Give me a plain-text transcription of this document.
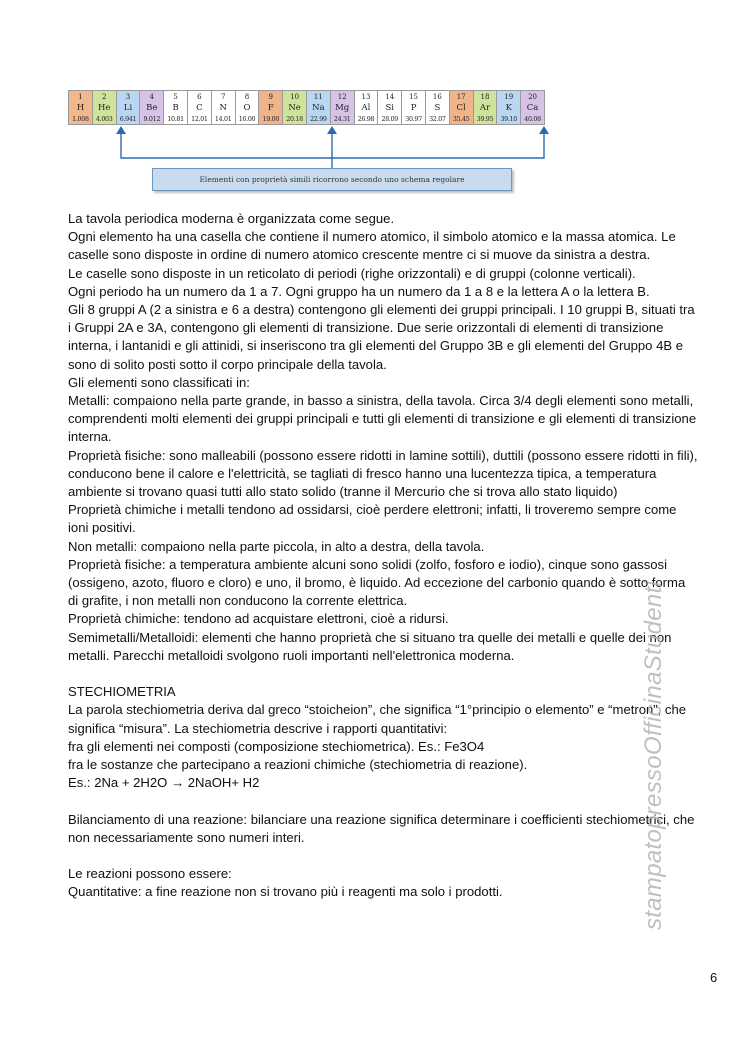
1
H
1.008
2
He
4.003
3
Li
6.941
4
Be
9.012
5
B
10.81
6
C
12.01
7
N
14.01
8
O
16.00
9
F
19.00
10
Ne
20.18
11
Na
22.99
12
Mg
24.31
13
Al
26.98
14
Si
28.09
15
P
30.97
16
S
32.07
17
Cl
35.45
18
Ar
39.95
19
K
39.10
20
Ca
40.08
Elementi con proprietà simili ricorrono secondo uno schema regolare

La tavola periodica moderna è organizzata come segue.

Ogni elemento ha una casella che contiene il numero atomico, il simbolo atomico e la massa atomica. Le caselle sono disposte in ordine di numero atomico crescente mentre ci si muove da sinistra a destra.

Le caselle sono disposte in un reticolato di periodi (righe orizzontali) e di gruppi (colonne verticali).

Ogni periodo ha un numero da 1 a 7. Ogni gruppo ha un numero da 1 a 8 e la lettera A o la lettera B.

Gli 8 gruppi A (2 a sinistra e 6 a destra) contengono gli elementi dei gruppi principali. I 10 gruppi B, situati tra i Gruppi 2A e 3A, contengono gli elementi di transizione. Due serie orizzontali di elementi di transizione interna, i lantanidi e gli attinidi, si inseriscono tra gli elementi del Gruppo 3B e gli elementi del Gruppo 4B e sono di solito posti sotto il corpo principale della tavola.

Gli elementi sono classificati in:

Metalli: compaiono nella parte grande, in basso a sinistra, della tavola. Circa 3/4 degli elementi sono metalli, comprendenti molti elementi dei gruppi principali e tutti gli elementi di transizione e gli elementi di transizione interna.

Proprietà fisiche: sono malleabili (possono essere ridotti in lamine sottili), duttili (possono essere ridotti in fili), conducono bene il calore e l'elettricità, se tagliati di fresco hanno una lucentezza tipica, a temperatura ambiente si trovano quasi tutti allo stato solido (tranne il Mercurio che si trova allo stato liquido)

Proprietà chimiche i metalli tendono ad ossidarsi, cioè perdere elettroni; infatti, li troveremo sempre come ioni positivi.

Non metalli: compaiono nella parte piccola, in alto a destra, della tavola.

Proprietà fisiche: a temperatura ambiente alcuni sono solidi (zolfo, fosforo e iodio), cinque sono gassosi (ossigeno, azoto, fluoro e cloro) e uno, il bromo, è liquido. Ad eccezione del carbonio quando è sotto forma di grafite, i non metalli non conducono la corrente elettrica.

Proprietà chimiche: tendono ad acquistare elettroni, cioè a ridursi.

Semimetalli/Metalloidi: elementi che hanno proprietà che si situano tra quelle dei metalli e quelle dei non metalli. Parecchi metalloidi svolgono ruoli importanti nell'elettronica moderna.

STECHIOMETRIA

La parola stechiometria deriva dal greco “stoicheion”, che significa “1°principio o elemento” e “metron”, che significa “misura”. La stechiometria descrive i rapporti quantitativi:

fra gli elementi nei composti (composizione stechiometrica). Es.: Fe3O4

fra le sostanze che partecipano a reazioni chimiche (stechiometria di reazione).

Es.: 2Na + 2H2O → 2NaOH+ H2

Bilanciamento di una reazione: bilanciare una reazione significa determinare i coefficienti stechiometrici, che non necessariamente sono numeri interi.

Le reazioni possono essere:

Quantitative: a fine reazione non si trovano più i reagenti ma solo i prodotti.	stampatopressoOfficinaStudenti
6
